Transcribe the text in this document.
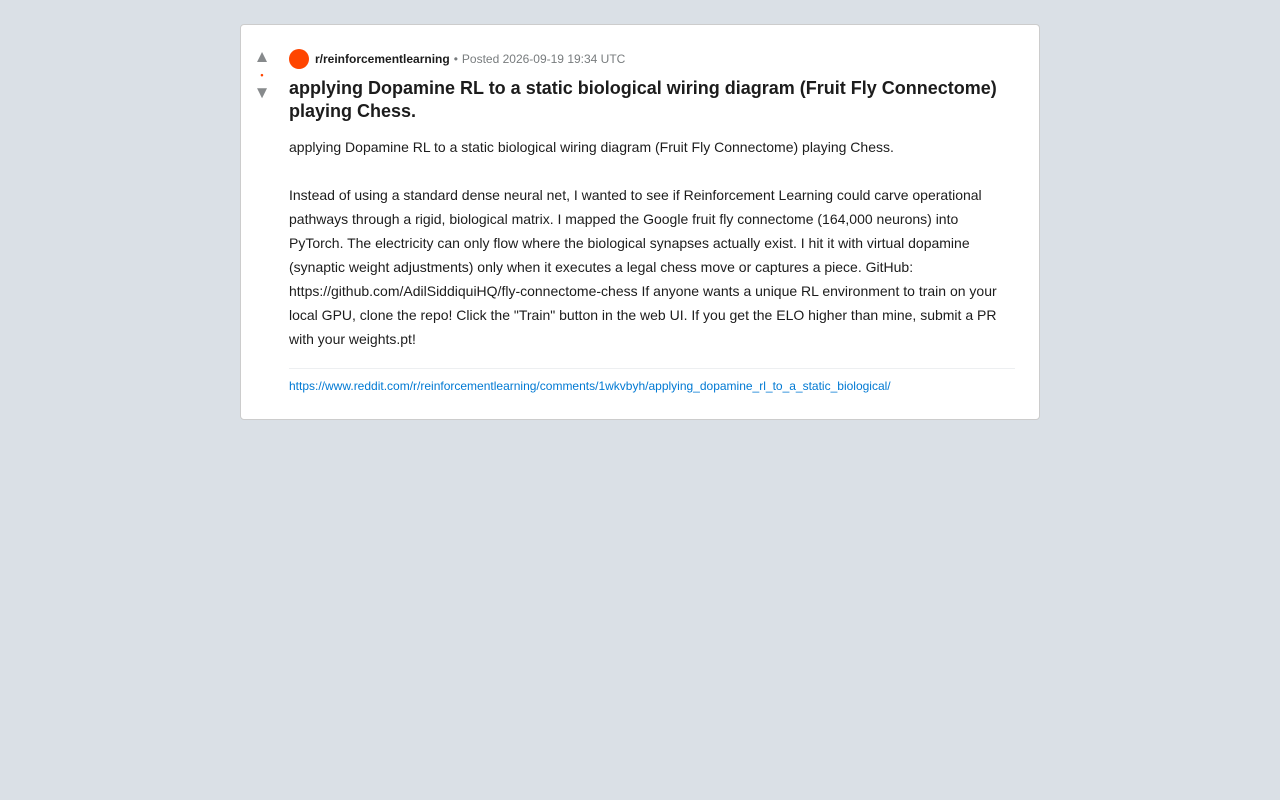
▲
•
▼
r/reinforcementlearning • Posted 2026-09-19 19:34 UTC
applying Dopamine RL to a static biological wiring diagram (Fruit Fly Connectome) playing Chess.

applying Dopamine RL to a static biological wiring diagram (Fruit Fly Connectome) playing Chess.

Instead of using a standard dense neural net, I wanted to see if Reinforcement Learning could carve operational pathways through a rigid, biological matrix. I mapped the Google fruit fly connectome (164,000 neurons) into PyTorch. The electricity can only flow where the biological synapses actually exist. I hit it with virtual dopamine (synaptic weight adjustments) only when it executes a legal chess move or captures a piece. GitHub: https://github.com/AdilSiddiquiHQ/fly-connectome-chess If anyone wants a unique RL environment to train on your local GPU, clone the repo! Click the "Train" button in the web UI. If you get the ELO higher than mine, submit a PR with your weights.pt!

https://www.reddit.com/r/reinforcementlearning/comments/1wkvbyh/applying_dopamine_rl_to_a_static_biological/
